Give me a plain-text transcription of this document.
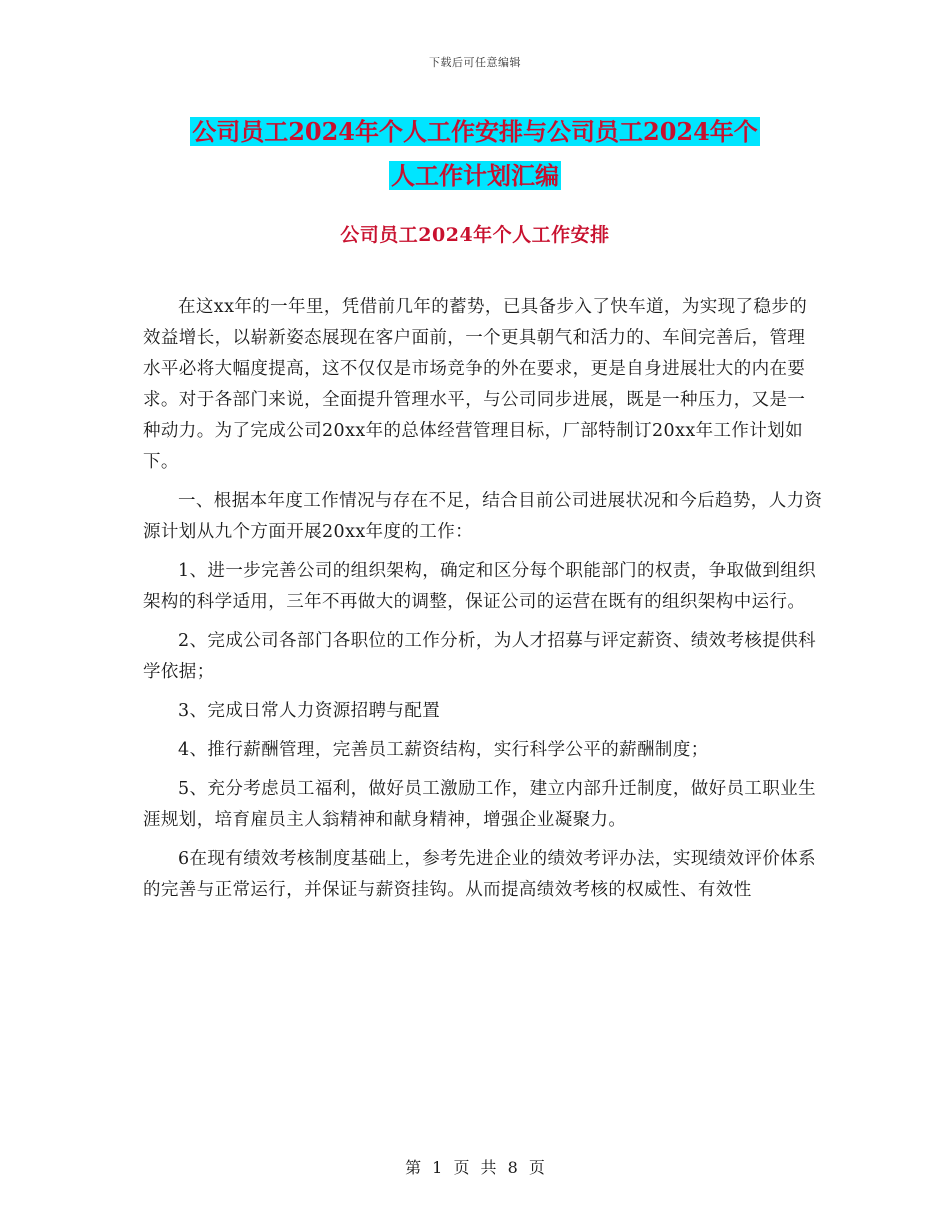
下载后可任意编辑
公司员工2024年个人工作安排与公司员工2024年个
人工作计划汇编
公司员工2024年个人工作安排

在这xx年的一年里，凭借前几年的蓄势，已具备步入了快车道，为实现了稳步的效益增长，以崭新姿态展现在客户面前，一个更具朝气和活力的、车间完善后，管理水平必将大幅度提高，这不仅仅是市场竞争的外在要求，更是自身进展壮大的内在要求。对于各部门来说，全面提升管理水平，与公司同步进展，既是一种压力，又是一种动力。为了完成公司20xx年的总体经营管理目标，厂部特制订20xx年工作计划如下。

一、根据本年度工作情况与存在不足，结合目前公司进展状况和今后趋势，人力资源计划从九个方面开展20xx年度的工作：

1、进一步完善公司的组织架构，确定和区分每个职能部门的权责，争取做到组织架构的科学适用，三年不再做大的调整，保证公司的运营在既有的组织架构中运行。

2、完成公司各部门各职位的工作分析，为人才招募与评定薪资、绩效考核提供科学依据；

3、完成日常人力资源招聘与配置

4、推行薪酬管理，完善员工薪资结构，实行科学公平的薪酬制度；

5、充分考虑员工福利，做好员工激励工作，建立内部升迁制度，做好员工职业生涯规划，培育雇员主人翁精神和献身精神，增强企业凝聚力。

6在现有绩效考核制度基础上，参考先进企业的绩效考评办法，实现绩效评价体系的完善与正常运行，并保证与薪资挂钩。从而提高绩效考核的权威性、有效性

第 1 页 共 8 页
